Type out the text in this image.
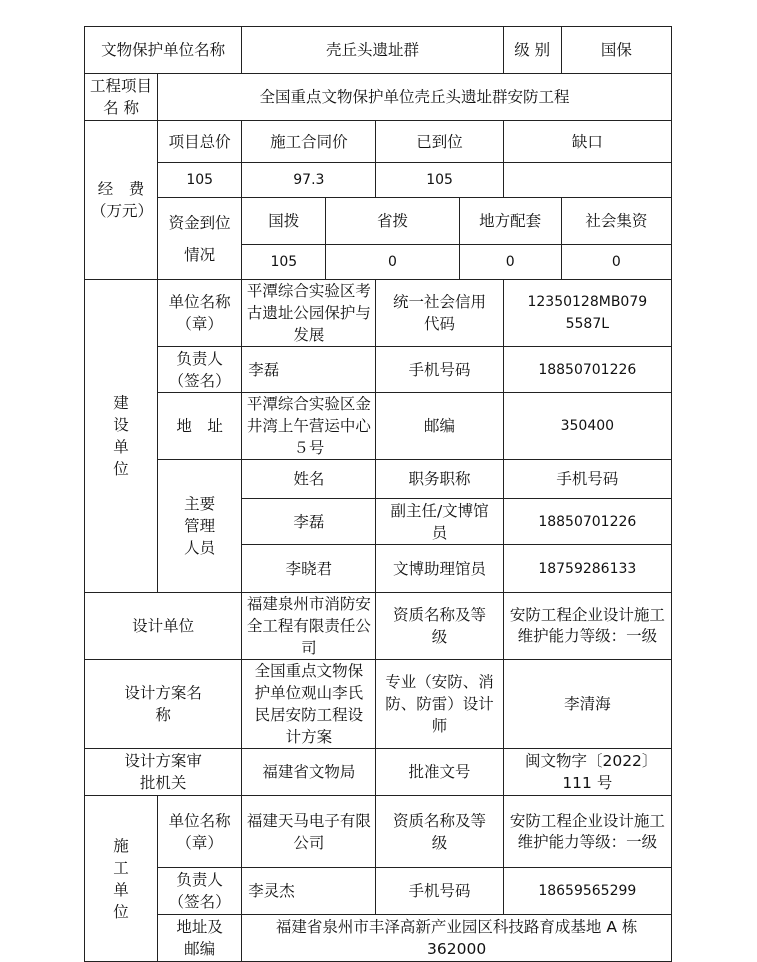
文物保护单位名称		壳丘头遗址群				级 别	国保
工程项目名 称	全国重点文物保护单位壳丘头遗址群安防工程						
经　费（万元）	项目总价	施工合同价		已到位		缺口	
	105	97.3		105			
	资金到位情况	国拨	省拨		地方配套		社会集资
		105	0		0		0
建设单位	单位名称（章）	平潭综合实验区考古遗址公园保护与发展		统一社会信用代码		12350128MB0795587L	
	负责人（签名）	李磊		手机号码		18850701226	
	地　址	平潭综合实验区金井湾上午营运中心５号		邮编		350400	
	主要管理人员	姓名		职务职称		手机号码	
		李磊		副主任/文博馆员		18850701226	
		李晓君		文博助理馆员		18759286133	
设计单位		福建泉州市消防安全工程有限责任公司		资质名称及等级		安防工程企业设计施工维护能力等级：一级	
设计方案名称		全国重点文物保护单位观山李氏民居安防工程设计方案		专业（安防、消防、防雷）设计师		李清海	
设计方案审批机关		福建省文物局		批准文号		闽文物字〔2022〕111 号	
施工单位	单位名称（章）	福建天马电子有限公司		资质名称及等级		安防工程企业设计施工维护能力等级：一级	
	负责人（签名）	李灵杰		手机号码		18659565299	
	地址及邮编	福建省泉州市丰泽高新产业园区科技路育成基地 A 栋
362000					
